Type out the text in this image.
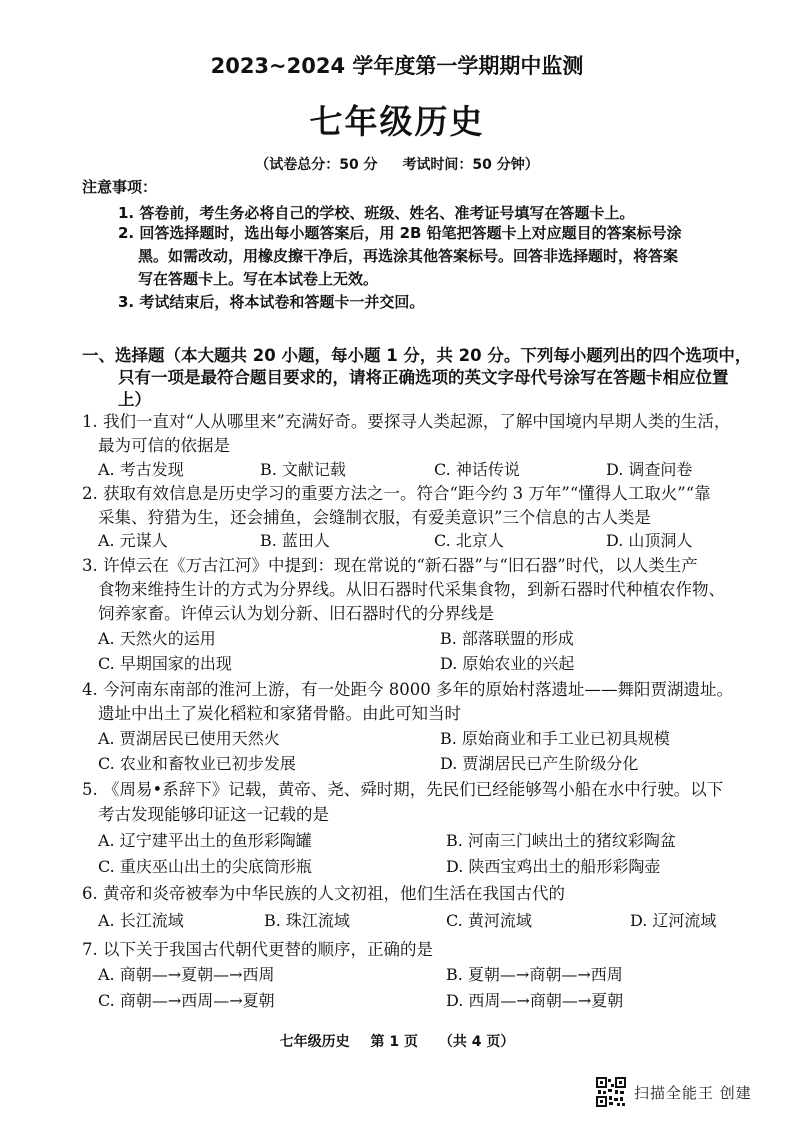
2023~2024 学年度第一学期期中监测
七年级历史
（试卷总分：50 分 考试时间：50 分钟）
注意事项：
1. 答卷前，考生务必将自己的学校、班级、姓名、准考证号填写在答题卡上。
2. 回答选择题时，选出每小题答案后，用 2B 铅笔把答题卡上对应题目的答案标号涂
黑。如需改动，用橡皮擦干净后，再选涂其他答案标号。回答非选择题时，将答案
写在答题卡上。写在本试卷上无效。
3. 考试结束后，将本试卷和答题卡一并交回。
一、选择题（本大题共 20 小题，每小题 1 分，共 20 分。下列每小题列出的四个选项中，
只有一项是最符合题目要求的，请将正确选项的英文字母代号涂写在答题卡相应位置
上）
1. 我们一直对“人从哪里来”充满好奇。要探寻人类起源，了解中国境内早期人类的生活，
最为可信的依据是
A. 考古发现	B. 文献记载	C. 神话传说	D. 调查问卷
2. 获取有效信息是历史学习的重要方法之一。符合“距今约 3 万年”“懂得人工取火”“靠
采集、狩猎为生，还会捕鱼，会缝制衣服，有爱美意识”三个信息的古人类是
A. 元谋人	B. 蓝田人	C. 北京人	D. 山顶洞人
3. 许倬云在《万古江河》中提到：现在常说的“新石器”与“旧石器”时代，以人类生产
食物来维持生计的方式为分界线。从旧石器时代采集食物，到新石器时代种植农作物、
饲养家畜。许倬云认为划分新、旧石器时代的分界线是
A. 天然火的运用	B. 部落联盟的形成
C. 早期国家的出现	D. 原始农业的兴起
4. 今河南东南部的淮河上游，有一处距今 8000 多年的原始村落遗址——舞阳贾湖遗址。
遗址中出土了炭化稻粒和家猪骨骼。由此可知当时
A. 贾湖居民已使用天然火	B. 原始商业和手工业已初具规模
C. 农业和畜牧业已初步发展	D. 贾湖居民已产生阶级分化
5. 《周易•系辞下》记载，黄帝、尧、舜时期，先民们已经能够驾小船在水中行驶。以下
考古发现能够印证这一记载的是
A. 辽宁建平出土的鱼形彩陶罐	B. 河南三门峡出土的猪纹彩陶盆
C. 重庆巫山出土的尖底筒形瓶	D. 陕西宝鸡出土的船形彩陶壶
6. 黄帝和炎帝被奉为中华民族的人文初祖，他们生活在我国古代的
A. 长江流域	B. 珠江流域	C. 黄河流域	D. 辽河流域
7. 以下关于我国古代朝代更替的顺序，正确的是
A. 商朝—→夏朝—→西周	B. 夏朝—→商朝—→西周
C. 商朝—→西周—→夏朝	D. 西周—→商朝—→夏朝
七年级历史 第 1 页 （共 4 页）
扫描全能王 创建
